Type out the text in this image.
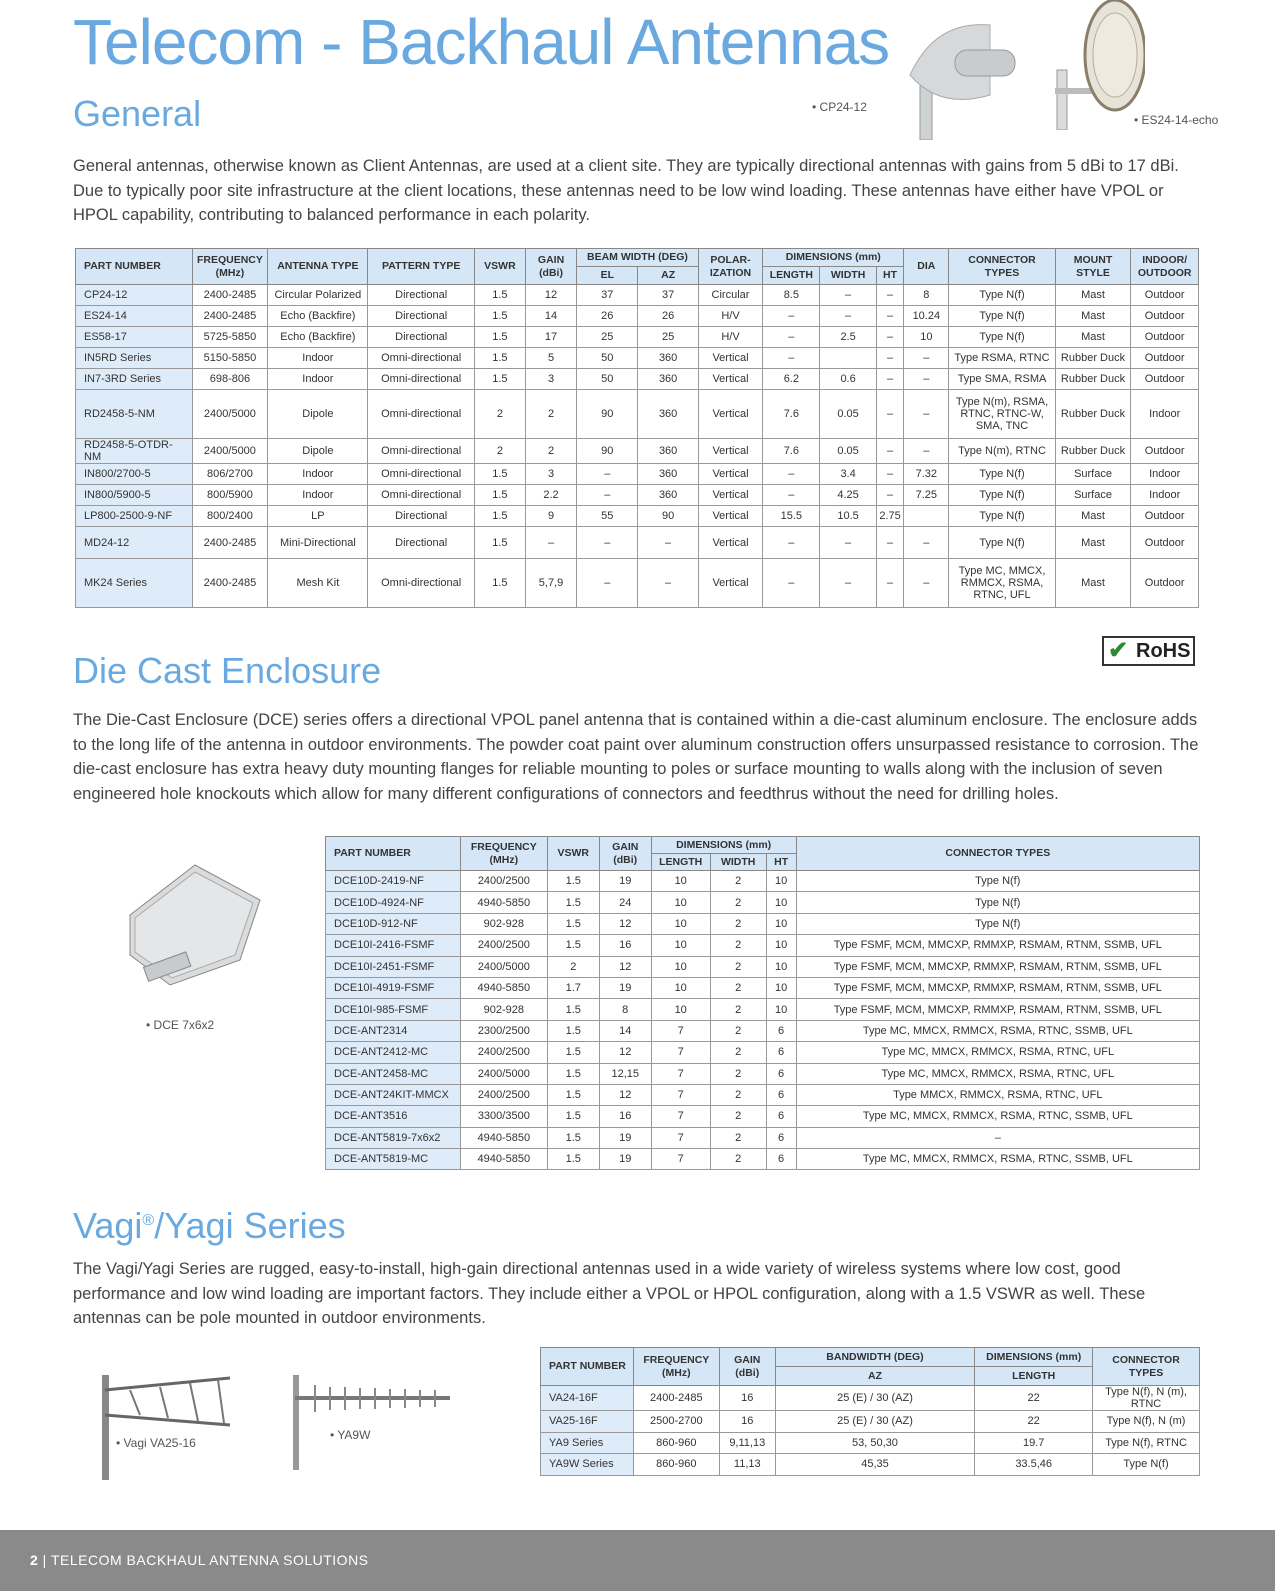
Telecom - Backhaul Antennas
• CP24-12
• ES24-14-echo
General

General antennas, otherwise known as Client Antennas, are used at a client site. They are typically directional antennas with gains from 5 dBi to 17 dBi. Due to typically poor site infrastructure at the client locations, these antennas need to be low wind loading. These antennas have either have VPOL or HPOL capability, contributing to balanced performance in each polarity.

PART NUMBER	FREQUENCY (MHz)	ANTENNA TYPE	PATTERN TYPE	VSWR	GAIN (dBi)	BEAM WIDTH (DEG)		POLAR- IZATION	DIMENSIONS (mm)			DIA	CONNECTOR TYPES	MOUNT STYLE	INDOOR/ OUTDOOR
						EL	AZ		LENGTH	WIDTH	HT				
CP24-12	2400-2485	Circular Polarized	Directional	1.5	12	37	37	Circular	8.5	–	–	8	Type N(f)	Mast	Outdoor
ES24-14	2400-2485	Echo (Backfire)	Directional	1.5	14	26	26	H/V	–	–	–	10.24	Type N(f)	Mast	Outdoor
ES58-17	5725-5850	Echo (Backfire)	Directional	1.5	17	25	25	H/V	–	2.5	–	10	Type N(f)	Mast	Outdoor
IN5RD Series	5150-5850	Indoor	Omni-directional	1.5	5	50	360	Vertical	–		–	–	Type RSMA, RTNC	Rubber Duck	Outdoor
IN7-3RD Series	698-806	Indoor	Omni-directional	1.5	3	50	360	Vertical	6.2	0.6	–	–	Type SMA, RSMA	Rubber Duck	Outdoor
RD2458-5-NM	2400/5000	Dipole	Omni-directional	2	2	90	360	Vertical	7.6	0.05	–	–	Type N(m), RSMA, RTNC, RTNC-W, SMA, TNC	Rubber Duck	Indoor
RD2458-5-OTDR-NM	2400/5000	Dipole	Omni-directional	2	2	90	360	Vertical	7.6	0.05	–	–	Type N(m), RTNC	Rubber Duck	Outdoor
IN800/2700-5	806/2700	Indoor	Omni-directional	1.5	3	–	360	Vertical	–	3.4	–	7.32	Type N(f)	Surface	Indoor
IN800/5900-5	800/5900	Indoor	Omni-directional	1.5	2.2	–	360	Vertical	–	4.25	–	7.25	Type N(f)	Surface	Indoor
LP800-2500-9-NF	800/2400	LP	Directional	1.5	9	55	90	Vertical	15.5	10.5	2.75		Type N(f)	Mast	Outdoor
MD24-12	2400-2485	Mini-Directional	Directional	1.5	–	–	–	Vertical	–	–	–	–	Type N(f)	Mast	Outdoor
MK24 Series	2400-2485	Mesh Kit	Omni-directional	1.5	5,7,9	–	–	Vertical	–	–	–	–	Type MC, MMCX, RMMCX, RSMA, RTNC, UFL	Mast	Outdoor
✔ RoHS
Die Cast Enclosure

The Die-Cast Enclosure (DCE) series offers a directional VPOL panel antenna that is contained within a die-cast aluminum enclosure. The enclosure adds to the long life of the antenna in outdoor environments. The powder coat paint over aluminum construction offers unsurpassed resistance to corrosion. The die-cast enclosure has extra heavy duty mounting flanges for reliable mounting to poles or surface mounting to walls along with the inclusion of seven engineered hole knockouts which allow for many different configurations of connectors and feedthrus without the need for drilling holes.

• DCE 7x6x2
PART NUMBER	FREQUENCY (MHz)	VSWR	GAIN (dBi)	DIMENSIONS (mm)			CONNECTOR TYPES
				LENGTH	WIDTH	HT	
DCE10D-2419-NF	2400/2500	1.5	19	10	2	10	Type N(f)
DCE10D-4924-NF	4940-5850	1.5	24	10	2	10	Type N(f)
DCE10D-912-NF	902-928	1.5	12	10	2	10	Type N(f)
DCE10I-2416-FSMF	2400/2500	1.5	16	10	2	10	Type FSMF, MCM, MMCXP, RMMXP, RSMAM, RTNM, SSMB, UFL
DCE10I-2451-FSMF	2400/5000	2	12	10	2	10	Type FSMF, MCM, MMCXP, RMMXP, RSMAM, RTNM, SSMB, UFL
DCE10I-4919-FSMF	4940-5850	1.7	19	10	2	10	Type FSMF, MCM, MMCXP, RMMXP, RSMAM, RTNM, SSMB, UFL
DCE10I-985-FSMF	902-928	1.5	8	10	2	10	Type FSMF, MCM, MMCXP, RMMXP, RSMAM, RTNM, SSMB, UFL
DCE-ANT2314	2300/2500	1.5	14	7	2	6	Type MC, MMCX, RMMCX, RSMA, RTNC, SSMB, UFL
DCE-ANT2412-MC	2400/2500	1.5	12	7	2	6	Type MC, MMCX, RMMCX, RSMA, RTNC, UFL
DCE-ANT2458-MC	2400/5000	1.5	12,15	7	2	6	Type MC, MMCX, RMMCX, RSMA, RTNC, UFL
DCE-ANT24KIT-MMCX	2400/2500	1.5	12	7	2	6	Type MMCX, RMMCX, RSMA, RTNC, UFL
DCE-ANT3516	3300/3500	1.5	16	7	2	6	Type MC, MMCX, RMMCX, RSMA, RTNC, SSMB, UFL
DCE-ANT5819-7x6x2	4940-5850	1.5	19	7	2	6	–
DCE-ANT5819-MC	4940-5850	1.5	19	7	2	6	Type MC, MMCX, RMMCX, RSMA, RTNC, SSMB, UFL
Vagi®/Yagi Series

The Vagi/Yagi Series are rugged, easy-to-install, high-gain directional antennas used in a wide variety of wireless systems where low cost, good performance and low wind loading are important factors. They include either a VPOL or HPOL configuration, along with a 1.5 VSWR as well. These antennas can be pole mounted in outdoor environments.

• Vagi VA25-16
• YA9W
PART NUMBER	FREQUENCY (MHz)	GAIN (dBi)	BANDWIDTH (DEG)	DIMENSIONS (mm)	CONNECTOR TYPES
			AZ	LENGTH	
VA24-16F	2400-2485	16	25 (E) / 30 (AZ)	22	Type N(f), N (m), RTNC
VA25-16F	2500-2700	16	25 (E) / 30 (AZ)	22	Type N(f), N (m)
YA9 Series	860-960	9,11,13	53, 50,30	19.7	Type N(f), RTNC
YA9W Series	860-960	11,13	45,35	33.5,46	Type N(f)
2 | TELECOM BACKHAUL ANTENNA SOLUTIONS
